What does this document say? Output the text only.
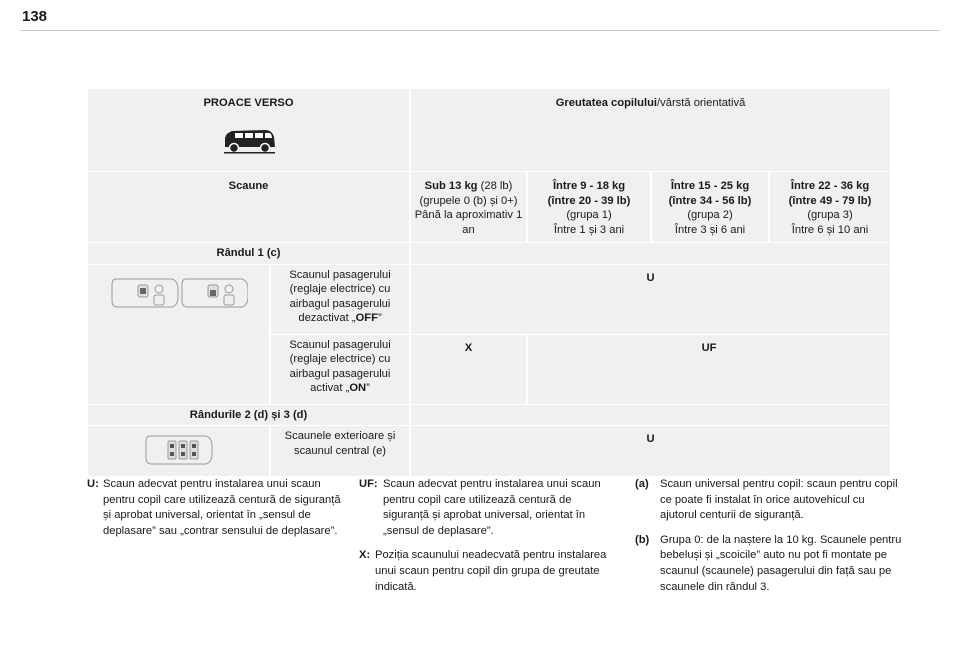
138
PROACE VERSO		Greutatea copilului/vârstă orientativă			
Scaune		Sub 13 kg (28 lb)
(grupele 0 (b) și 0+)
Până la aproximativ 1 an	Între 9 - 18 kg
(între 20 - 39 lb)
(grupa 1)
Între 1 și 3 ani	Între 15 - 25 kg
(între 34 - 56 lb)
(grupa 2)
Între 3 și 6 ani	Între 22 - 36 kg
(între 49 - 79 lb)
(grupa 3)
Între 6 și 10 ani
Rândul 1 (c)					
	Scaunul pasagerului (reglaje electrice) cu airbagul pasagerului dezactivat „OFF”	U			
	Scaunul pasagerului (reglaje electrice) cu airbagul pasagerului activat „ON”	X	UF		
Rândurile 2 (d) și 3 (d)					
	Scaunele exterioare și scaunul central (e)	U			
U: Scaun adecvat pentru instalarea unui scaun pentru copil care utilizează centură de siguranță și aprobat universal, orientat în „sensul de deplasare” sau „contrar sensului de deplasare”.
UF: Scaun adecvat pentru instalarea unui scaun pentru copil care utilizează centură de siguranță și aprobat universal, orientat în „sensul de deplasare”.
X: Poziția scaunului neadecvată pentru instalarea unui scaun pentru copil din grupa de greutate indicată.
(a)	Scaun universal pentru copil: scaun pentru copil ce poate fi instalat în orice autovehicul cu ajutorul centurii de siguranță.
(b) Grupa 0: de la naștere la 10 kg. Scaunele pentru bebeluși și „scoicile” auto nu pot fi montate pe scaunul (scaunele) pasagerului din față sau pe scaunele din rândul 3.
